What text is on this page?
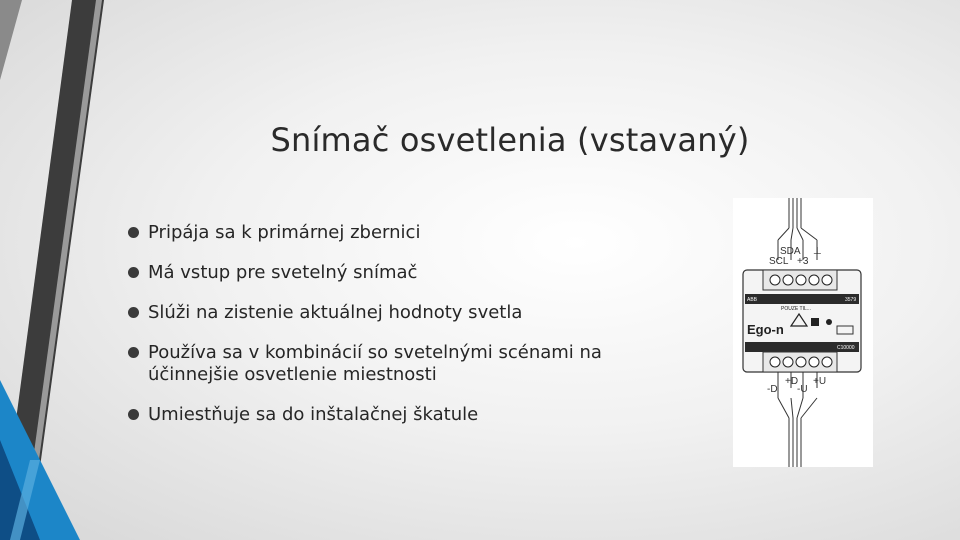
Snímač osvetlenia (vstavaný)
Pripája sa k primárnej zbernici
Má vstup pre svetelný snímač
Slúži na zistenie aktuálnej hodnoty svetla
Používa sa v kombinácií so svetelnými scénami na účinnejšie osvetlenie miestnosti
Umiestňuje sa do inštalačnej škatule
SDA
SCL +3
⊥
ABB	3579
POUZE TIL...
Ego-n
C10000
-D
+D
-U
+U
